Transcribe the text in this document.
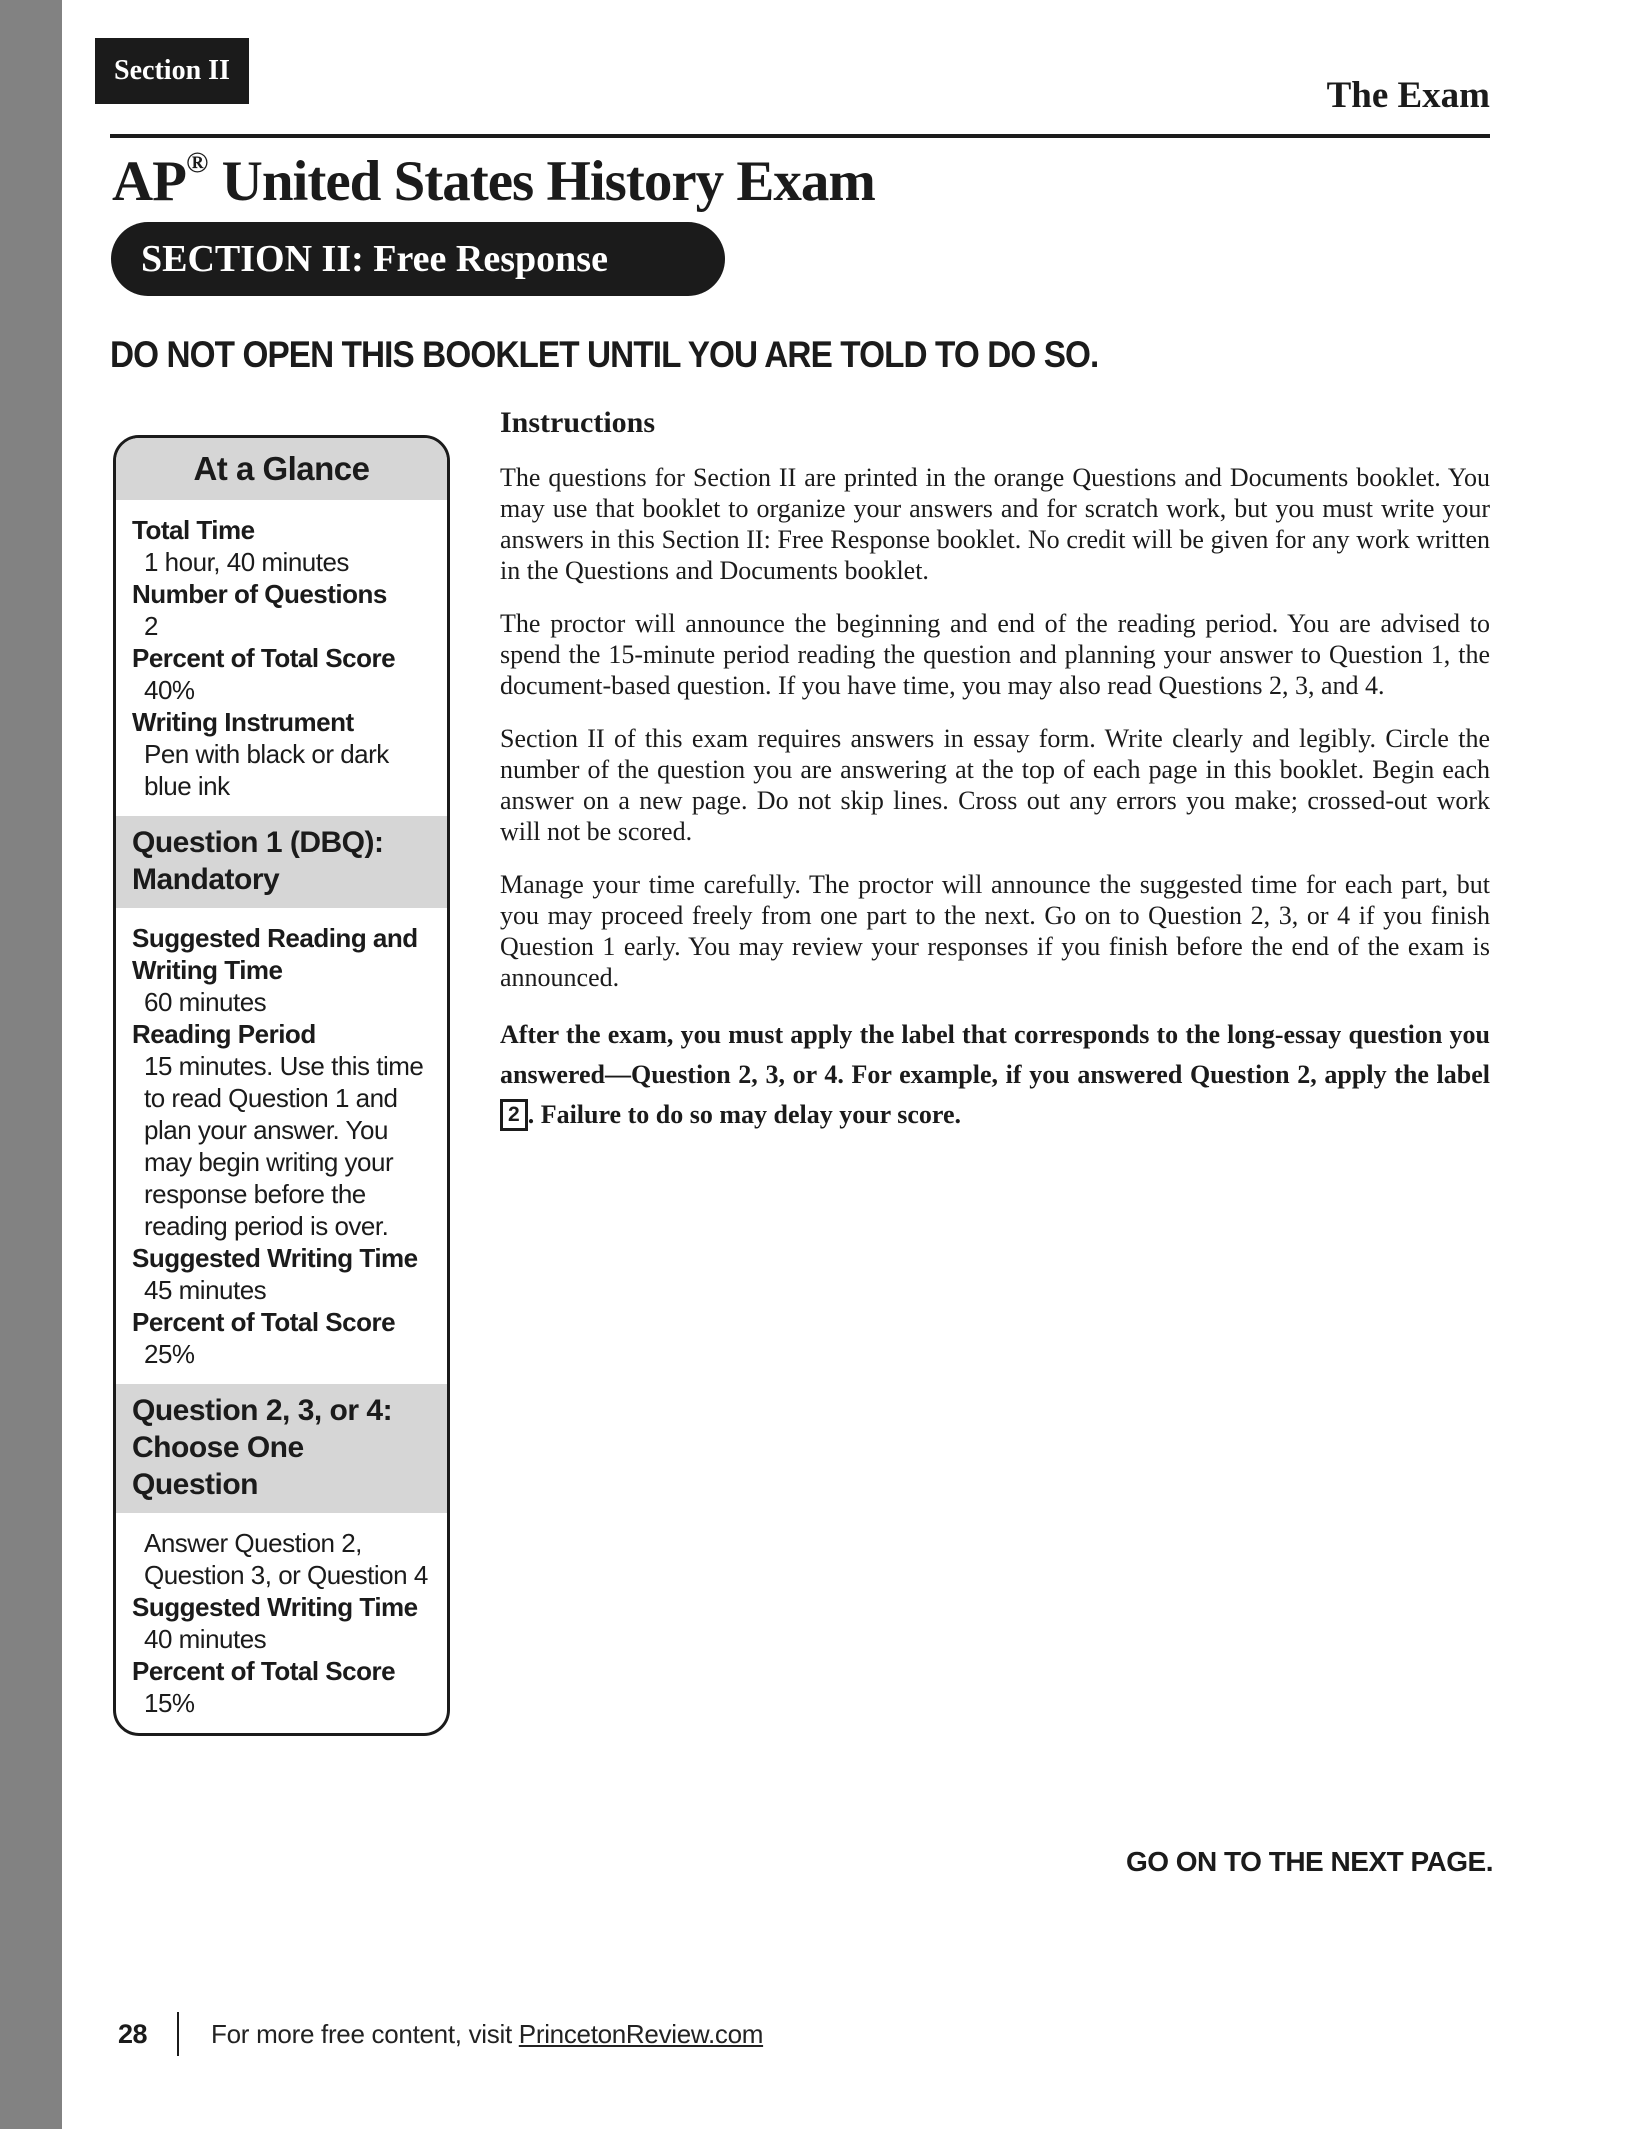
Section II
The Exam
AP® United States History Exam
SECTION II: Free Response
DO NOT OPEN THIS BOOKLET UNTIL YOU ARE TOLD TO DO SO.
Instructions

The questions for Section II are printed in the orange Questions and Documents booklet. You may use that booklet to organize your answers and for scratch work, but you must write your answers in this Section II: Free Response booklet. No credit will be given for any work written in the Questions and Documents booklet.

The proctor will announce the beginning and end of the reading period. You are advised to spend the 15-minute period reading the question and planning your answer to Question 1, the document-based question. If you have time, you may also read Questions 2, 3, and 4.

Section II of this exam requires answers in essay form. Write clearly and legibly. Circle the number of the question you are answering at the top of each page in this booklet. Begin each answer on a new page. Do not skip lines. Cross out any errors you make; crossed-out work will not be scored.

Manage your time carefully. The proctor will announce the suggested time for each part, but you may proceed freely from one part to the next. Go on to Question 2, 3, or 4 if you finish Question 1 early. You may review your responses if you finish before the end of the exam is announced.

After the exam, you must apply the label that corresponds to the long-essay question you answered—Question 2, 3, or 4. For example, if you answered Question 2, apply the label 2 . Failure to do so may delay your score.

At a Glance
Total Time
1 hour, 40 minutes
Number of Questions
2
Percent of Total Score
40%
Writing Instrument
Pen with black or dark blue ink
Question 1 (DBQ): Mandatory
Suggested Reading and Writing Time
60 minutes
Reading Period
15 minutes. Use this time to read Question 1 and plan your answer. You may begin writing your response before the reading period is over.
Suggested Writing Time
45 minutes
Percent of Total Score
25%
Question 2, 3, or 4: Choose One Question
Answer Question 2, Question 3, or Question 4
Suggested Writing Time
40 minutes
Percent of Total Score
15%
GO ON TO THE NEXT PAGE.
28 For more free content, visit PrincetonReview.com
